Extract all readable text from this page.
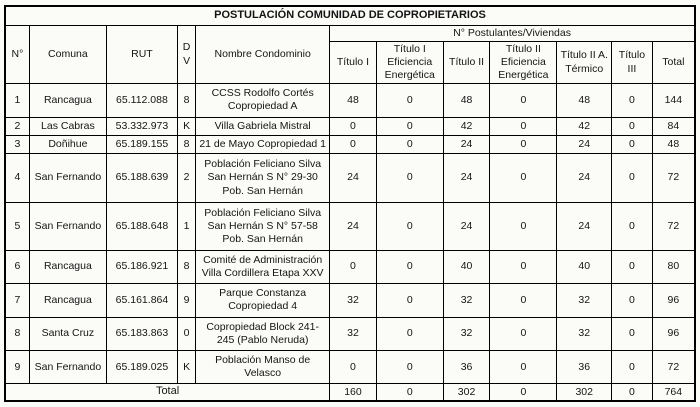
POSTULACIÓN COMUNIDAD DE COPROPIETARIOS											
N°	Comuna	RUT	D V	Nombre Condominio	N° Postulantes/Viviendas						
					Título I	Título I Eficiencia Energética	Título II	Título II Eficiencia Energética	Título II A. Térmico	Título III	Total
1	Rancagua	65.112.088	8	CCSS Rodolfo Cortés Copropiedad A	48	0	48	0	48	0	144
2	Las Cabras	53.332.973	K	Villa Gabriela Mistral	0	0	42	0	42	0	84
3	Doñihue	65.189.155	8	21 de Mayo Copropiedad 1	0	0	24	0	24	0	48
4	San Fernando	65.188.639	2	Población Feliciano Silva San Hernán S N° 29-30 Pob. San Hernán	24	0	24	0	24	0	72
5	San Fernando	65.188.648	1	Población Feliciano Silva San Hernán S N° 57-58 Pob. San Hernán	24	0	24	0	24	0	72
6	Rancagua	65.186.921	8	Comité de Administración Villa Cordillera Etapa XXV	0	0	40	0	40	0	80
7	Rancagua	65.161.864	9	Parque Constanza Copropiedad 4	32	0	32	0	32	0	96
8	Santa Cruz	65.183.863	0	Copropiedad Block 241-245 (Pablo Neruda)	32	0	32	0	32	0	96
9	San Fernando	65.189.025	K	Población Manso de Velasco	0	0	36	0	36	0	72
Total					160	0	302	0	302	0	764
